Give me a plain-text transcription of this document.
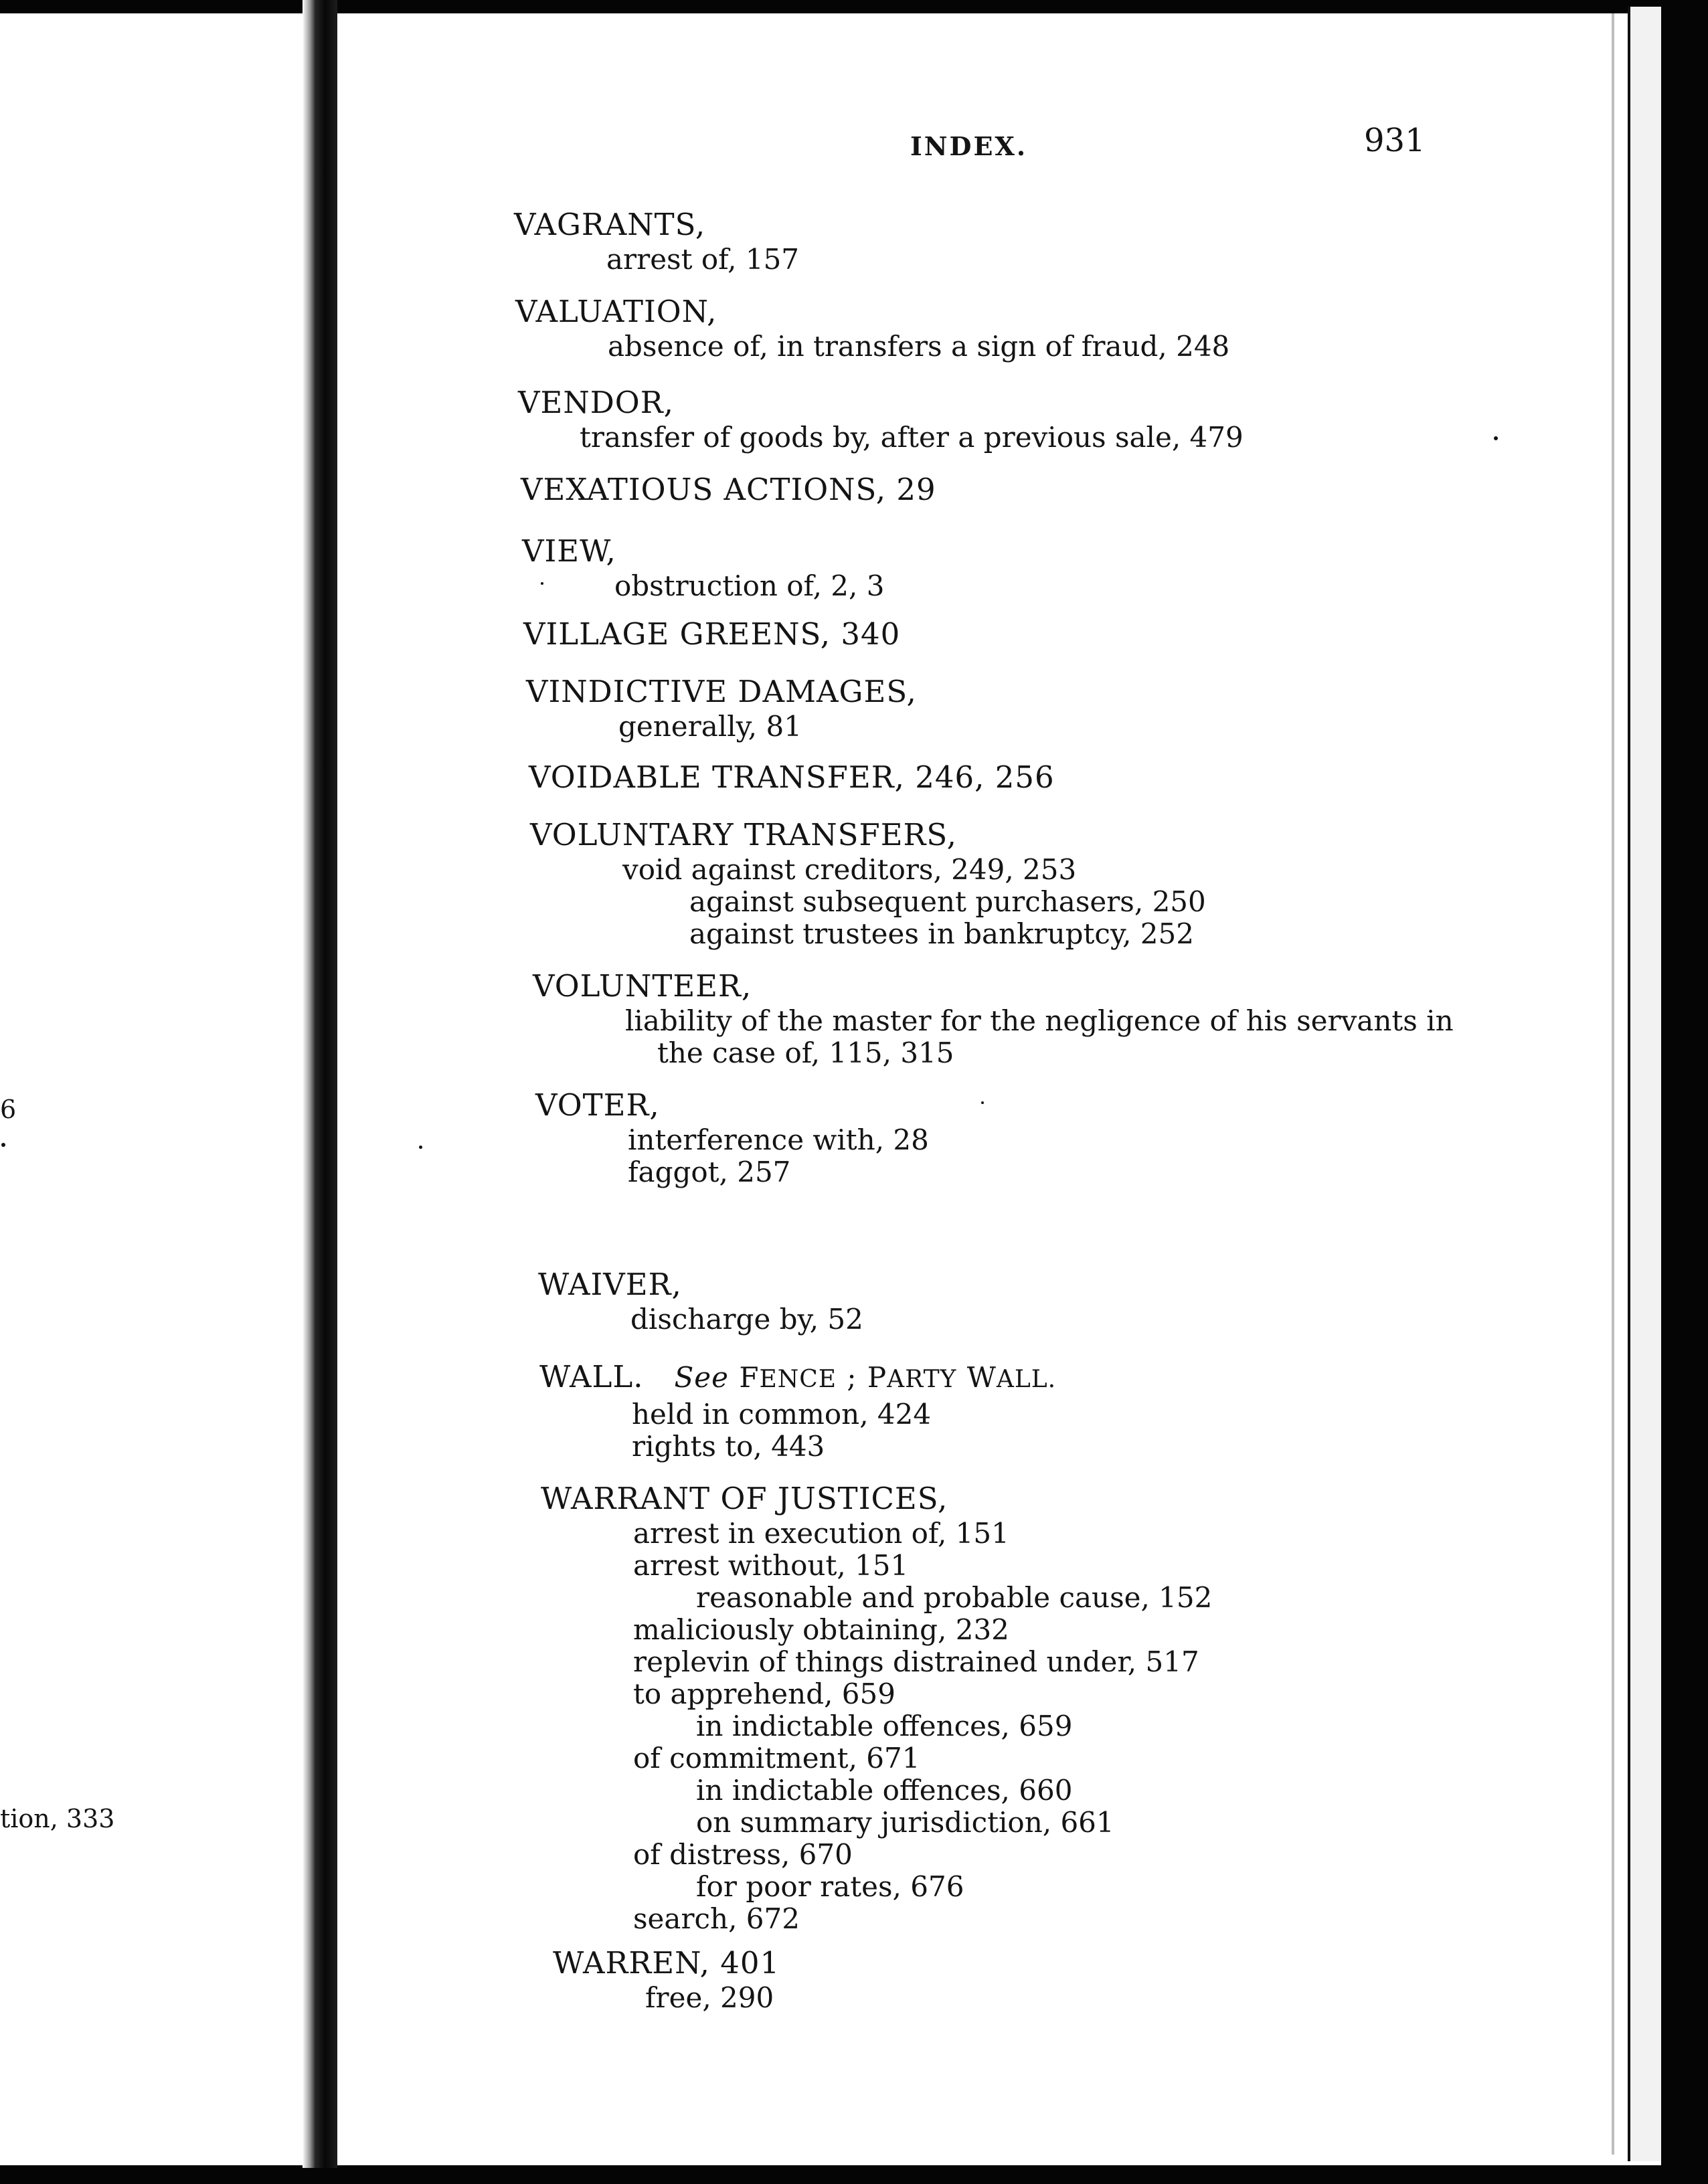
6
tion, 333
INDEX.	931
VAGRANTS,
arrest of, 157
VALUATION,
absence of, in transfers a sign of fraud, 248
VENDOR,
transfer of goods by, after a previous sale, 479
VEXATIOUS ACTIONS, 29
VIEW,
obstruction of, 2, 3
VILLAGE GREENS, 340
VINDICTIVE DAMAGES,
generally, 81
VOIDABLE TRANSFER, 246, 256
VOLUNTARY TRANSFERS,
void against creditors, 249, 253
against subsequent purchasers, 250
against trustees in bankruptcy, 252
VOLUNTEER,
liability of the master for the negligence of his servants in
the case of, 115, 315
VOTER,
interference with, 28
faggot, 257
WAIVER,
discharge by, 52
WALL. See FENCE ; PARTY WALL.
held in common, 424
rights to, 443
WARRANT OF JUSTICES,
arrest in execution of, 151
arrest without, 151
reasonable and probable cause, 152
maliciously obtaining, 232
replevin of things distrained under, 517
to apprehend, 659
in indictable offences, 659
of commitment, 671
in indictable offences, 660
on summary jurisdiction, 661
of distress, 670
for poor rates, 676
search, 672
WARREN, 401
free, 290
